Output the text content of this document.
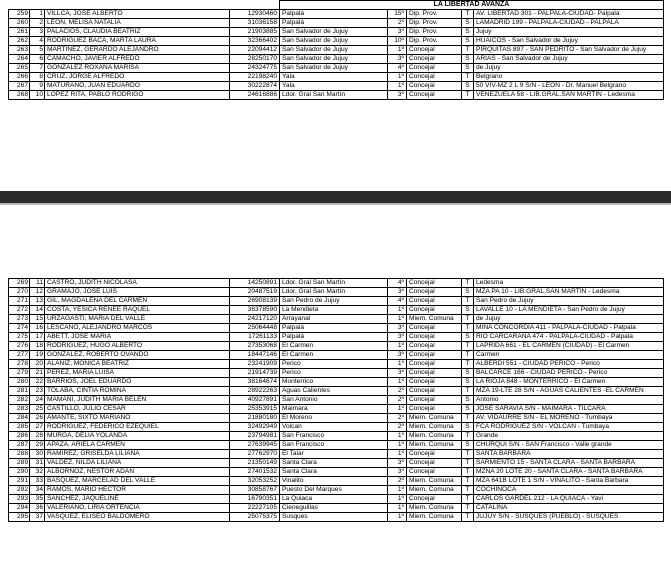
				LA LIBERTAD AVANZA				
259	1	VILLCA, JOSE ALBERTO	12930460	Palpalá	15º	Dip. Prov.	T	AV. LIBERTAD 301 - PALPALA-CIUDAD- Palpala
260	2	LEON, MELISA NATALIA	31036158	Palpalá	2º	Dip. Prov.	S	LAMADRID 199 - PALPALA-CIUDAD - PALPALA
261	3	PALACIOS, CLAUDIA BEATRIZ	21903885	San Salvador de Jujuy	3º	Dip. Prov.	S	Jujuy
262	4	RODRIGUEZ BACA, MARTA LAURA	32366402	San Salvador de Jujuy	10º	Dip. Prov.	S	HUAICOS - San Salvador de Jujuy
263	5	MARTINEZ, GERARDO ALEJANDRO	22094412	San Salvador de Jujuy	1º	Concejal	T	PIRQUITAS 897 - SAN PEDRITO - San Salvador de Jujuy
264	6	CAMACHO, JAVIER ALFREDO	28250170	San Salvador de Jujuy	3º	Concejal	S	ARIAS - San Salvador de Jujuy
265	7	GONZALEZ ROXANA MARISA	24324775	San Salvador de Jujuy	4º	Concejal	S	de Jujuy
266	8	CRUZ, JORGE ALFREDO	22198240	Yala	1º	Concejal	T	Belgrano
267	9	MATURANO, JUAN EDUARDO	30222874	Yala	1º	Concejal	S	50 VIV-MZ 2 L 9 S/N - LEON - Dr. Manuel Belgrano
268	10	LOPEZ RITA, PABLO RODRIGO	24616886	Ldor. Gral San Martín	3º	Concejal	T	VENEZUELA 58 - LIB.GRAL.SAN MARTIN - Ledesma
269	11	CASTRO, JUDITH NICOLASA	14250891	Ldor. Gral San Martín	4º	Concejal	T	Ledesma
270	12	GRAMAJO, JOSE LUIS	20487519	Ldor. Gral San Martín	3º	Concejal	S	MZA PA 10 - LIB.GRAL.SAN MARTIN - Ledesma
271	13	GIL, MAGDALENA DEL CARMEN	26908139	San Pedro de Jujuy	4º	Concejal	T	San Pedro de Jujuy
272	14	COSTA, YESICA RENEE RAQUEL	36378590	La Mendieta	1º	Concejal	S	LAVALLE 10 - LA MENDIETA - San Pedro de Jujuy
273	15	URZAGASTI, MARIA DEL VALLE	24217120	Arrayanal	1º	Miem. Comuna	T	de Jujuy
274	16	LESCANO, ALEJANDRO MARCOS	25064448	Palpalá	3º	Concejal	T	MINA CONCORDIA 411 - PALPALA-CIUDAD - Palpala
275	17	ABETT, JOSE MARIA	17261133	Palpalá	3º	Concejal	S	RIO CARCARAÑA 474 - PALPALA-CIUDAD - Palpala
276	18	RODRIGUEZ, HUGO ALBERTO	27353068	El Carmen	1º	Concejal	T	LAPRIDA 661 - EL CARMEN (CIUDAD) - El Carmen
277	19	GONZALEZ, ROBERTO OVANDO	18447146	El Carmen	3º	Concejal	T	Carmen
278	20	ALANIZ, MONICA BEATRIZ	23241909	Perico	1º	Concejal	T	ALBERDI 551 - CIUDAD PERICO - Perico
279	21	PEREZ, MARIA LUISA	21914739	Perico	3º	Concejal	S	BALCARCE 166 - CIUDAD PERICO - Perico
280	22	BARRIOS, JOEL EDUARDO	38164674	Monterrico	1º	Concejal	S	LA RIOJA 848 - MONTERRICO - El Carmen
281	23	TOLABA, CINTIA ROMINA	28922263	Aguas Calientes	2º	Concejal	T	MZA 19-LTE 28 S/N - AGUAS CALIENTES -EL CARMEN
282	24	MAMANI, JUDITH MARIA BELEN	40927891	San Antonio	2º	Concejal	S	Antonio
283	25	CASTILLO, JULIO CESAR	25353915	Maimara	1º	Concejal	S	JOSE SARAVIA S/N - MAIMARA - TILCARA
284	26	AMANTE, SIXTO MARIANO	21880180	El Moreno	2º	Miem. Comuna	T	AV. VIDAURRE S/N - EL MORENO - Tumbaya
285	27	RODRIGUEZ, FEDERICO EZEQUIEL	32492949	Volcan	2º	Miem. Comuna	S	FCA RODRIGUEZ S/N - VOLCAN - Tumbaya
286	28	MURGA, DELIA YOLANDA	23794981	San Francisco	1º	Miem. Comuna	T	Grande
287	29	APAZA, ARIELA CARMEN	27639945	San Francisco	1º	Miem. Comuna	S	CHURQUI S/N - SAN Francisco - Valle grande
288	30	RAMIREZ, GRISELDA LILIANA	27762970	El Talar	1º	Concejal	T	SANTA BARBARA
289	31	VALDEZ, NILDA LILIANA	21350149	Santa Clara	3º	Concejal	T	SARMIENTO 15 - SANTA CLARA - SANTA BARBARA
290	32	ALBORNOZ, NESTOR ADAN	27401532	Santa Clara	3º	Concejal	T	MZNA 20 LOTE 20 - SANTA CLARA - SANTA BARBARA
291	33	BASQUEZ, MARCELAD DEL VALLE	32053252	Vinalito	2º	Miem. Comuna	T	MZA 641B LOTE 1 S/N - VINALITO - Santa Barbara
292	34	RAMOS, MARIO HECTOR	30858767	Puesto Del Marques	1º	Miem. Comuna	T	COCHINOCA
293	35	SANCHEZ, JAQUELINE	16790351	La Quiaca	1º	Concejal	T	CARLOS GARDEL 212 - LA QUIACA - Yavi
294	36	VALERIANO, LIRIA ORTENCIA	22227105	Cieneguillas	1º	Miem. Comuna	T	CATALINA
295	37	VASQUEZ, ELISEO BALDOMERO	25075375	Susques	1º	Miem. Comuna	T	JUJUY S/N - SUSQUES (PUEBLO) - SUSQUES
